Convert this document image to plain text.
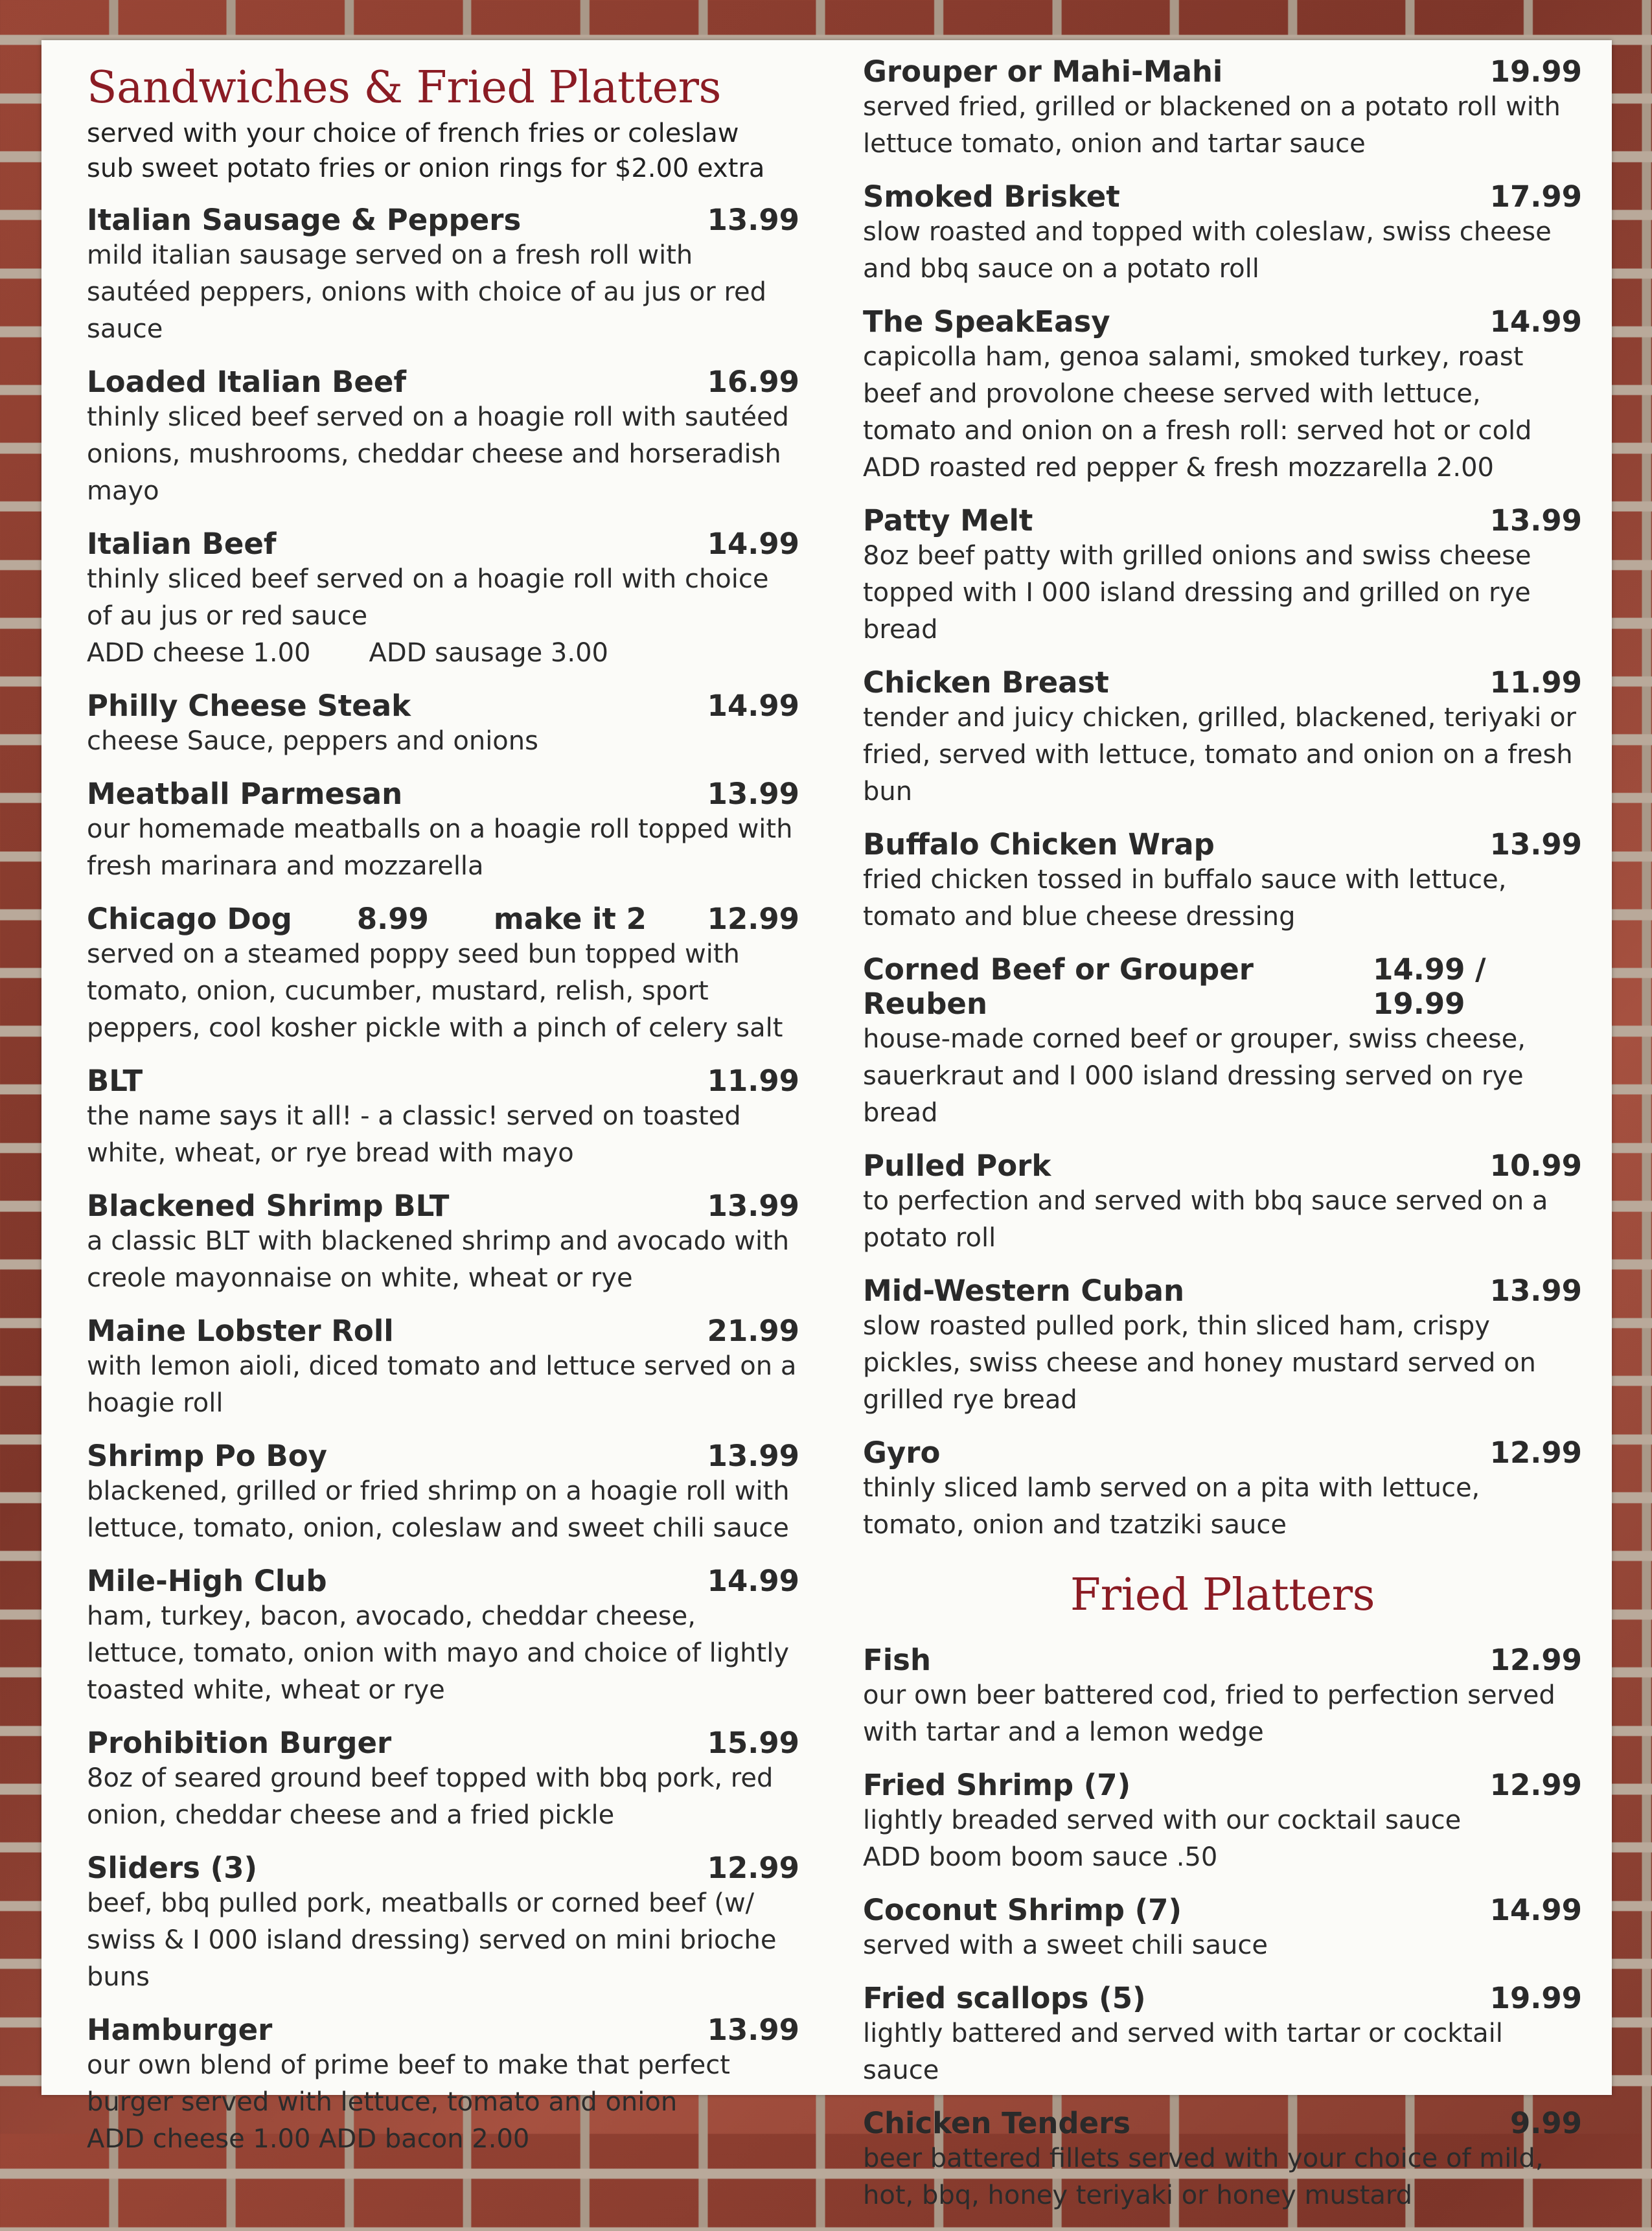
Sandwiches & Fried Platters
served with your choice of french fries or coleslaw
sub sweet potato fries or onion rings for $2.00 extra
Italian Sausage & Peppers	13.99
mild italian sausage served on a fresh roll with sautéed peppers, onions with choice of au jus or red sauce
Loaded Italian Beef	16.99
thinly sliced beef served on a hoagie roll with sautéed onions, mushrooms, cheddar cheese and horseradish mayo
Italian Beef	14.99
thinly sliced beef served on a hoagie roll with choice of au jus or red sauce
ADD cheese 1.00 ADD sausage 3.00
Philly Cheese Steak	14.99
cheese Sauce, peppers and onions
Meatball Parmesan	13.99
our homemade meatballs on a hoagie roll topped with fresh marinara and mozzarella
Chicago Dog 8.99 make it 2 12.99
served on a steamed poppy seed bun topped with tomato, onion, cucumber, mustard, relish, sport peppers, cool kosher pickle with a pinch of celery salt
BLT	11.99
the name says it all! - a classic! served on toasted white, wheat, or rye bread with mayo
Blackened Shrimp BLT	13.99
a classic BLT with blackened shrimp and avocado with creole mayonnaise on white, wheat or rye
Maine Lobster Roll	21.99
with lemon aioli, diced tomato and lettuce served on a hoagie roll
Shrimp Po Boy	13.99
blackened, grilled or fried shrimp on a hoagie roll with lettuce, tomato, onion, coleslaw and sweet chili sauce
Mile-High Club	14.99
ham, turkey, bacon, avocado, cheddar cheese, lettuce, tomato, onion with mayo and choice of lightly toasted white, wheat or rye
Prohibition Burger	15.99
8oz of seared ground beef topped with bbq pork, red onion, cheddar cheese and a fried pickle
Sliders (3)	12.99
beef, bbq pulled pork, meatballs or corned beef (w/ swiss & I 000 island dressing) served on mini brioche buns
Hamburger	13.99
our own blend of prime beef to make that perfect burger served with lettuce, tomato and onion
ADD cheese 1.00 ADD bacon 2.00
Grouper or Mahi-Mahi	19.99
served fried, grilled or blackened on a potato roll with lettuce tomato, onion and tartar sauce
Smoked Brisket	17.99
slow roasted and topped with coleslaw, swiss cheese and bbq sauce on a potato roll
The SpeakEasy	14.99
capicolla ham, genoa salami, smoked turkey, roast beef and provolone cheese served with lettuce, tomato and onion on a fresh roll: served hot or cold
ADD roasted red pepper & fresh mozzarella 2.00
Patty Melt	13.99
8oz beef patty with grilled onions and swiss cheese topped with I 000 island dressing and grilled on rye bread
Chicken Breast	11.99
tender and juicy chicken, grilled, blackened, teriyaki or fried, served with lettuce, tomato and onion on a fresh bun
Buffalo Chicken Wrap	13.99
fried chicken tossed in buffalo sauce with lettuce, tomato and blue cheese dressing
Corned Beef or Grouper Reuben
14.99 / 19.99
house-made corned beef or grouper, swiss cheese, sauerkraut and I 000 island dressing served on rye bread
Pulled Pork	10.99
to perfection and served with bbq sauce served on a potato roll
Mid-Western Cuban	13.99
slow roasted pulled pork, thin sliced ham, crispy pickles, swiss cheese and honey mustard served on grilled rye bread
Gyro	12.99
thinly sliced lamb served on a pita with lettuce, tomato, onion and tzatziki sauce
Fried Platters
Fish	12.99
our own beer battered cod, fried to perfection served with tartar and a lemon wedge
Fried Shrimp (7)	12.99
lightly breaded served with our cocktail sauce
ADD boom boom sauce .50
Coconut Shrimp (7)	14.99
served with a sweet chili sauce
Fried scallops (5)	19.99
lightly battered and served with tartar or cocktail sauce
Chicken Tenders	9.99
beer battered fillets served with your choice of mild, hot, bbq, honey teriyaki or honey mustard
